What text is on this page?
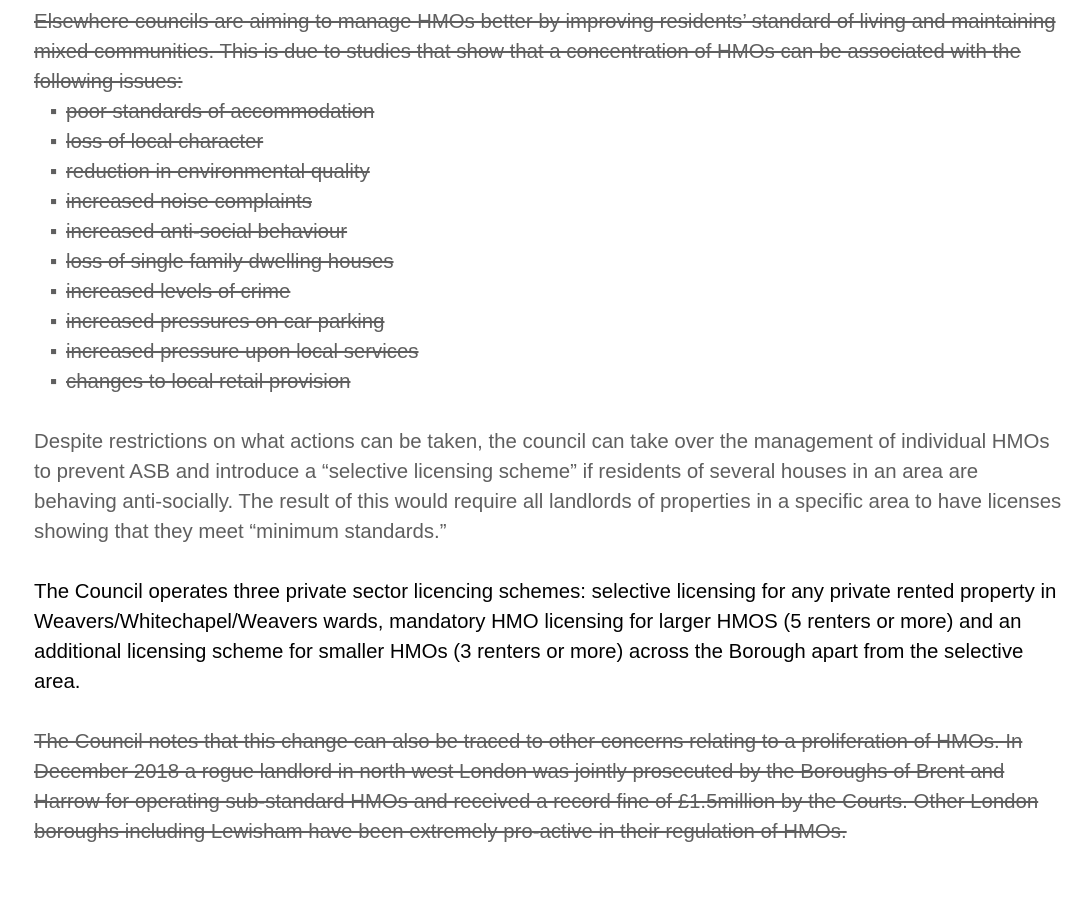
Elsewhere councils are aiming to manage HMOs better by improving residents’ standard of living and maintaining mixed communities. This is due to studies that show that a concentration of HMOs can be associated with the following issues:

▪ poor standards of accommodation
▪ loss of local character
▪ reduction in environmental quality
▪ increased noise complaints
▪ increased anti-social behaviour
▪ loss of single family dwelling houses
▪ increased levels of crime
▪ increased pressures on car parking
▪ increased pressure upon local services
▪ changes to local retail provision

Despite restrictions on what actions can be taken, the council can take over the management of individual HMOs to prevent ASB and introduce a “selective licensing scheme” if residents of several houses in an area are behaving anti-socially. The result of this would require all landlords of properties in a specific area to have licenses showing that they meet “minimum standards.”

The Council operates three private sector licencing schemes: selective licensing for any private rented property in Weavers/Whitechapel/Weavers wards, mandatory HMO licensing for larger HMOS (5 renters or more) and an additional licensing scheme for smaller HMOs (3 renters or more) across the Borough apart from the selective area.

The Council notes that this change can also be traced to other concerns relating to a proliferation of HMOs. In December 2018 a rogue landlord in north west London was jointly prosecuted by the Boroughs of Brent and Harrow for operating sub-standard HMOs and received a record fine of £1.5million by the Courts. Other London boroughs including Lewisham have been extremely pro-active in their regulation of HMOs.
